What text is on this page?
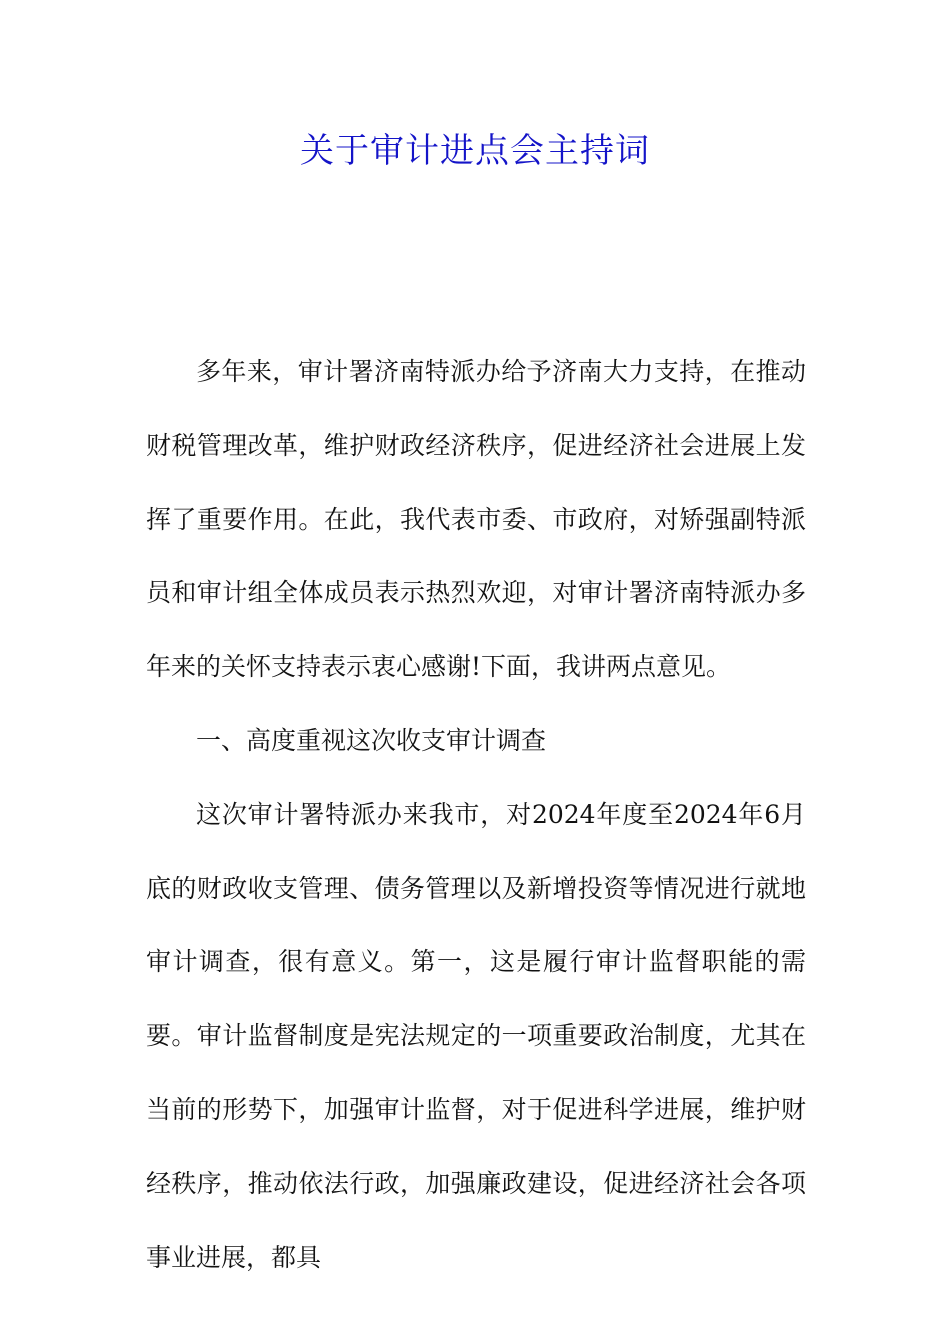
关于审计进点会主持词

多年来，审计署济南特派办给予济南大力支持，在推动财税管理改革，维护财政经济秩序，促进经济社会进展上发挥了重要作用。在此，我代表市委、市政府，对矫强副特派员和审计组全体成员表示热烈欢迎，对审计署济南特派办多年来的关怀支持表示衷心感谢!下面，我讲两点意见。

一、高度重视这次收支审计调查

这次审计署特派办来我市，对2024年度至2024年6月底的财政收支管理、债务管理以及新增投资等情况进行就地审计调查，很有意义。第一，这是履行审计监督职能的需要。审计监督制度是宪法规定的一项重要政治制度，尤其在当前的形势下，加强审计监督，对于促进科学进展，维护财经秩序，推动依法行政，加强廉政建设，促进经济社会各项事业进展，都具
